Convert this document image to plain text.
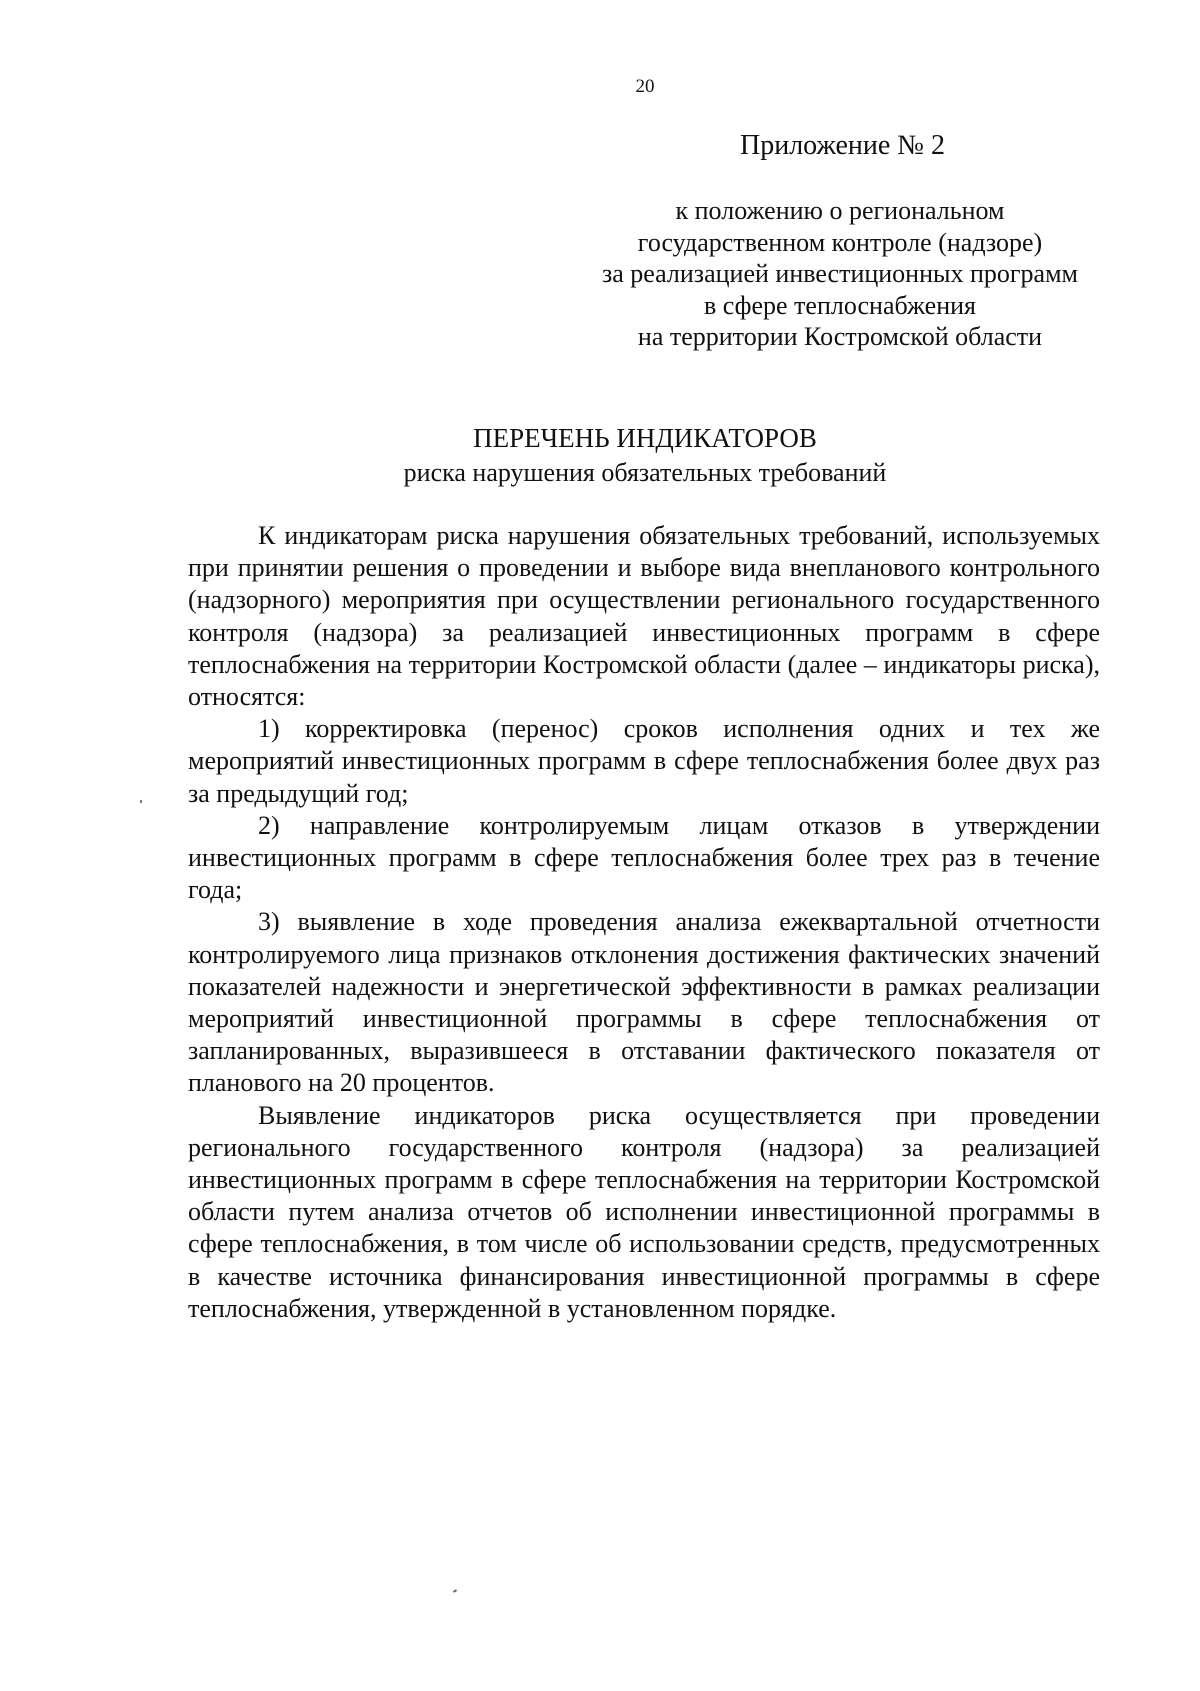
20
Приложение № 2
к положению о региональном
государственном контроле (надзоре)
за реализацией инвестиционных программ
в сфере теплоснабжения
на территории Костромской области
ПЕРЕЧЕНЬ ИНДИКАТОРОВ
риска нарушения обязательных требований

К индикаторам риска нарушения обязательных требований, используемых при принятии решения о проведении и выборе вида внепланового контрольного (надзорного) мероприятия при осуществлении регионального государственного контроля (надзора) за реализацией инвестиционных программ в сфере теплоснабжения на территории Костромской области (далее – индикаторы риска), относятся:

1) корректировка (перенос) сроков исполнения одних и тех же мероприятий инвестиционных программ в сфере теплоснабжения более двух раз за предыдущий год;

2) направление контролируемым лицам отказов в утверждении инвестиционных программ в сфере теплоснабжения более трех раз в течение года;

3) выявление в ходе проведения анализа ежеквартальной отчетности контролируемого лица признаков отклонения достижения фактических значений показателей надежности и энергетической эффективности в рамках реализации мероприятий инвестиционной программы в сфере теплоснабжения от запланированных, выразившееся в отставании фактического показателя от планового на 20 процентов.

Выявление индикаторов риска осуществляется при проведении регионального государственного контроля (надзора) за реализацией инвестиционных программ в сфере теплоснабжения на территории Костромской области путем анализа отчетов об исполнении инвестиционной программы в сфере теплоснабжения, в том числе об использовании средств, предусмотренных в качестве источника финансирования инвестиционной программы в сфере теплоснабжения, утвержденной в установленном порядке.
